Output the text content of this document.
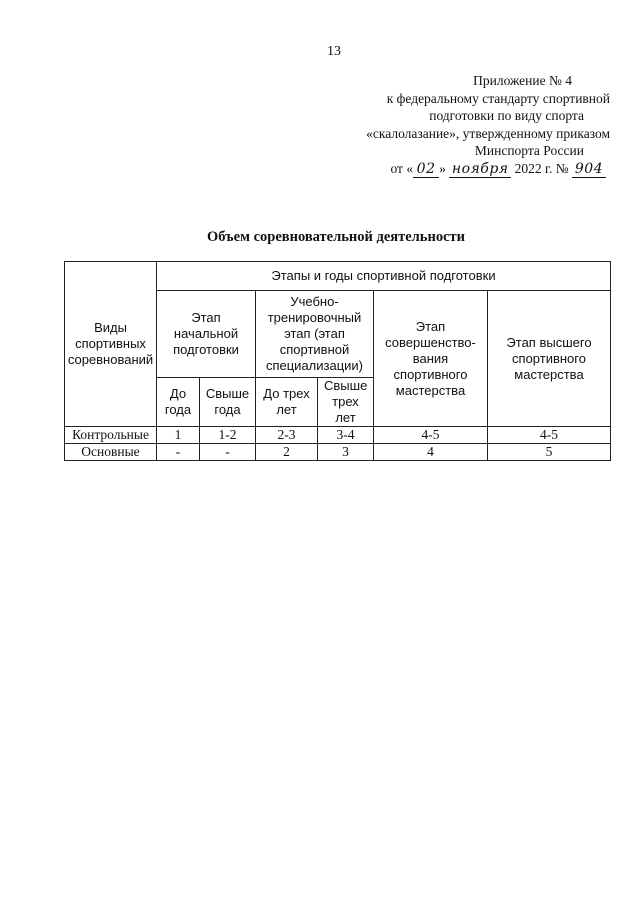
13
Приложение № 4
к федеральному стандарту спортивной
подготовки по виду спорта
«скалолазание», утвержденному приказом
Минспорта России
от « 02 » ноября 2022 г. № 904
Объем соревновательной деятельности
Виды спортивных соревнований	Этапы и годы спортивной подготовки					
	Этап начальной подготовки		Учебно-тренировочный этап (этап спортивной специализации)		Этап совершенство-вания спортивного мастерства	Этап высшего спортивного мастерства
	До года	Свыше года	До трех лет	Свыше трех лет		
Контрольные	1	1-2	2-3	3-4	4-5	4-5
Основные	-	-	2	3	4	5
